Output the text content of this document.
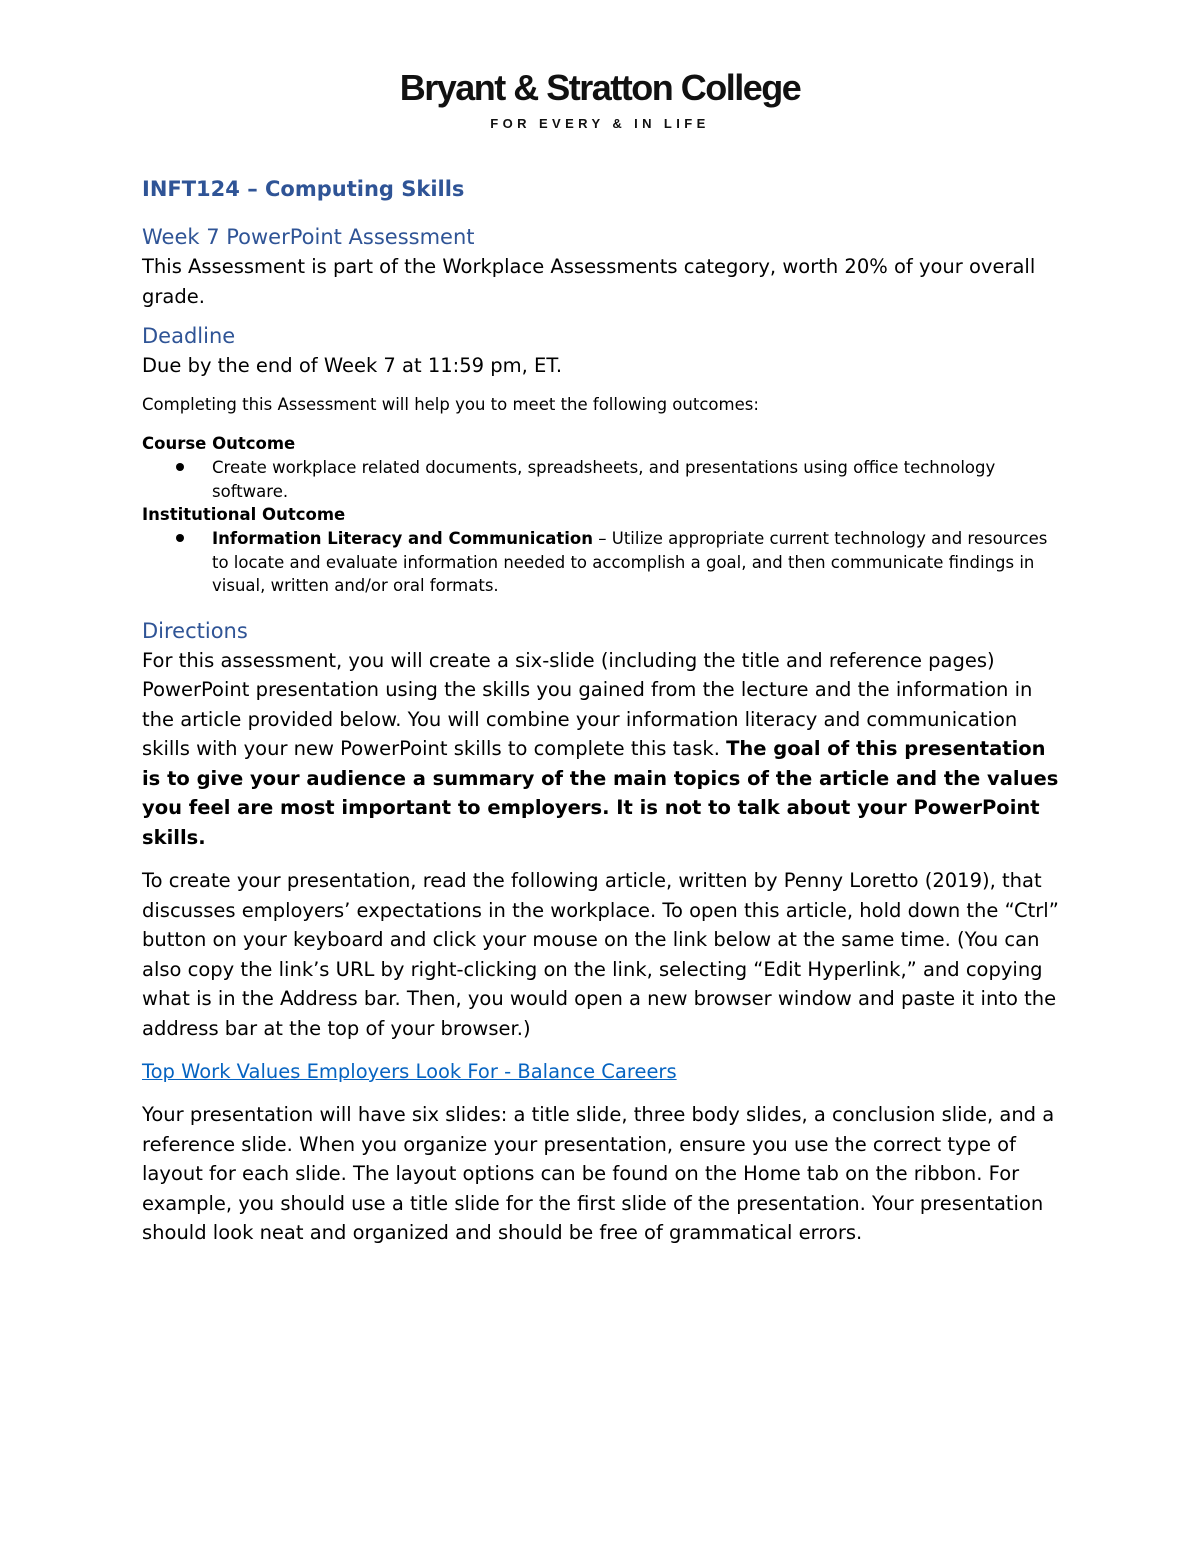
Bryant & Stratton College
FOR EVERY & IN LIFE
INFT124 – Computing Skills
Week 7 PowerPoint Assessment

This Assessment is part of the Workplace Assessments category, worth 20% of your overall grade.

Deadline

Due by the end of Week 7 at 11:59 pm, ET.

Completing this Assessment will help you to meet the following outcomes:

Course Outcome
Create workplace related documents, spreadsheets, and presentations using office technology software.
Institutional Outcome
Information Literacy and Communication – Utilize appropriate current technology and resources to locate and evaluate information needed to accomplish a goal, and then communicate findings in visual, written and/or oral formats.
Directions

For this assessment, you will create a six-slide (including the title and reference pages) PowerPoint presentation using the skills you gained from the lecture and the information in the article provided below. You will combine your information literacy and communication skills with your new PowerPoint skills to complete this task. The goal of this presentation is to give your audience a summary of the main topics of the article and the values you feel are most important to employers. It is not to talk about your PowerPoint skills.

To create your presentation, read the following article, written by Penny Loretto (2019), that discusses employers’ expectations in the workplace. To open this article, hold down the “Ctrl” button on your keyboard and click your mouse on the link below at the same time. (You can also copy the link’s URL by right-clicking on the link, selecting “Edit Hyperlink,” and copying what is in the Address bar. Then, you would open a new browser window and paste it into the address bar at the top of your browser.)

Top Work Values Employers Look For - Balance Careers

Your presentation will have six slides: a title slide, three body slides, a conclusion slide, and a reference slide. When you organize your presentation, ensure you use the correct type of layout for each slide. The layout options can be found on the Home tab on the ribbon. For example, you should use a title slide for the first slide of the presentation. Your presentation should look neat and organized and should be free of grammatical errors.
